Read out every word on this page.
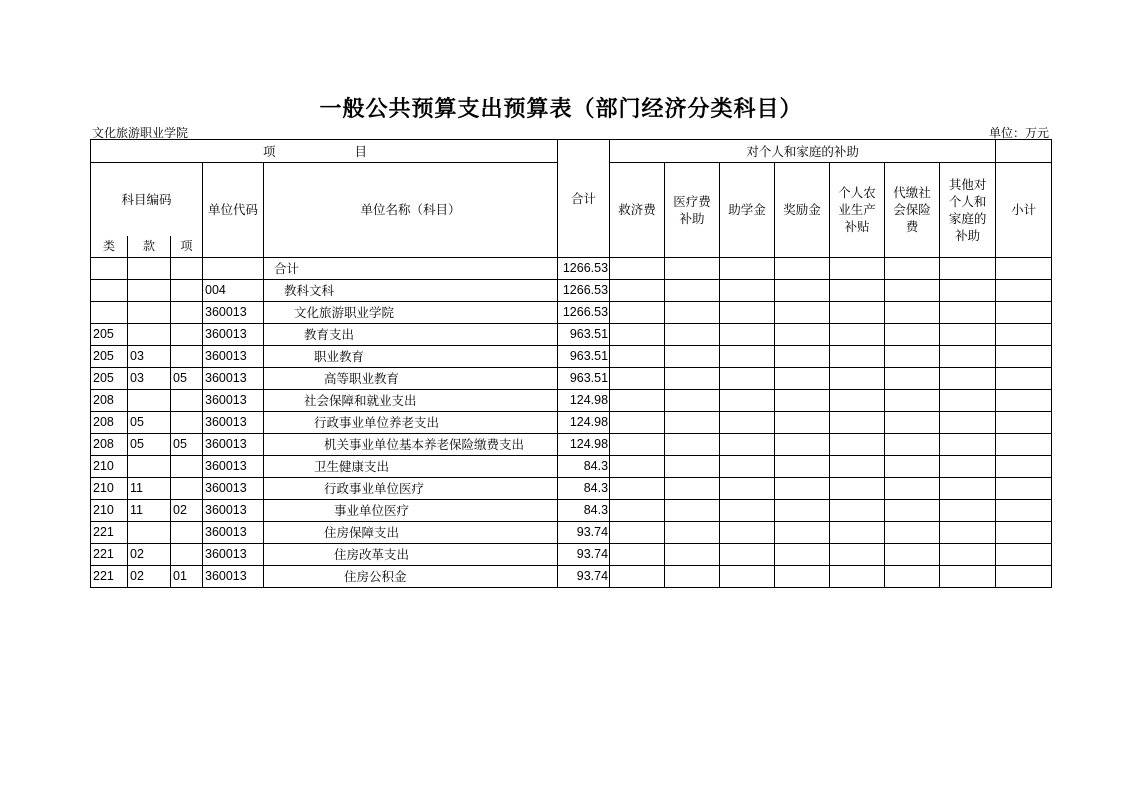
一般公共预算支出预算表（部门经济分类科目）
文化旅游职业学院	单位：万元
项　　目					合计	对个人和家庭的补助							
科目编码			单位代码	单位名称（科目）		救济费	医疗费补助	助学金	奖励金	个人农业生产补贴	代缴社会保险费	其他对个人和家庭的补助	小计
类	款	项											
				合计	1266.53								
			004	教科文科	1266.53								
			360013	文化旅游职业学院	1266.53								
205			360013	教育支出	963.51								
205	03		360013	职业教育	963.51								
205	03	05	360013	高等职业教育	963.51								
208			360013	社会保障和就业支出	124.98								
208	05		360013	行政事业单位养老支出	124.98								
208	05	05	360013	机关事业单位基本养老保险缴费支出	124.98								
210			360013	卫生健康支出	84.3								
210	11		360013	行政事业单位医疗	84.3								
210	11	02	360013	事业单位医疗	84.3								
221			360013	住房保障支出	93.74								
221	02		360013	住房改革支出	93.74								
221	02	01	360013	住房公积金	93.74								
